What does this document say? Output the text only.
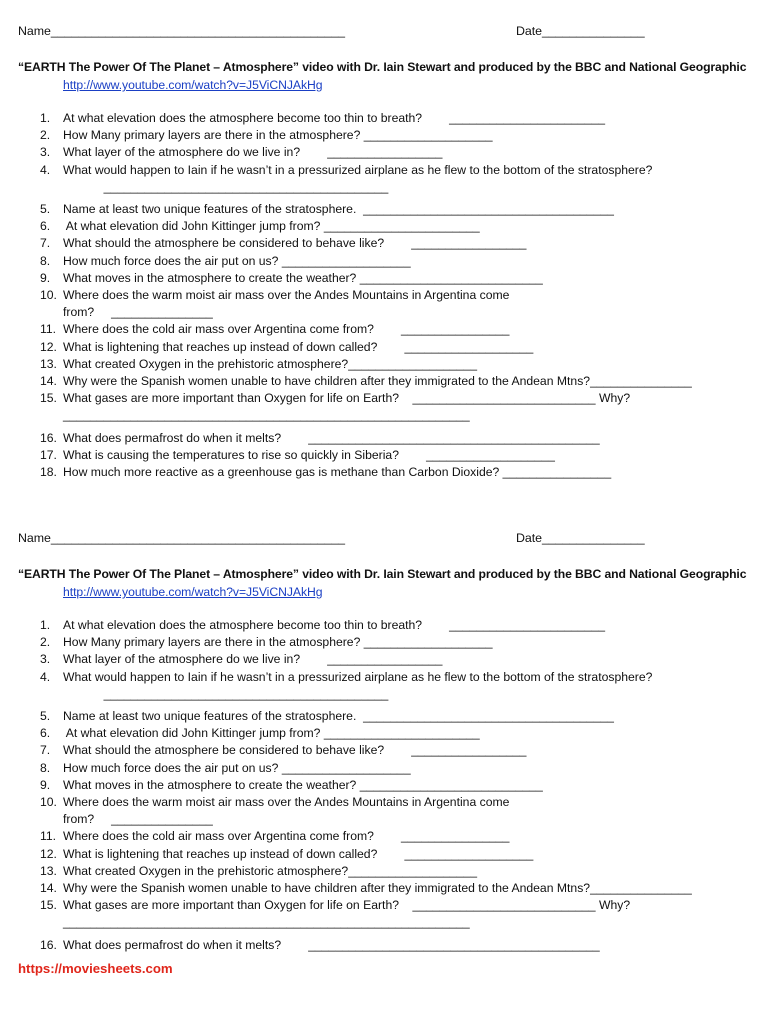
Name___________________________________________	Date_______________
“EARTH The Power Of The Planet – Atmosphere” video with Dr. Iain Stewart and produced by the BBC and National Geographic
http://www.youtube.com/watch?v=J5ViCNJAkHg
1.	At what elevation does the atmosphere become too thin to breath?        _______________________
2.	How Many primary layers are there in the atmosphere? ___________________
3.	What layer of the atmosphere do we live in?        _________________
4.	What would happen to Iain if he wasn’t in a pressurized airplane as he flew to the bottom of the stratosphere?
__________________________________________
5.	Name at least two unique features of the stratosphere.  _____________________________________
6.	At what elevation did John Kittinger jump from? _______________________
7.	What should the atmosphere be considered to behave like?        _________________
8.	How much force does the air put on us? ___________________
9.	What moves in the atmosphere to create the weather? ___________________________
10. Where does the warm moist air mass over the Andes Mountains in Argentina come
from?     _______________
11. Where does the cold air mass over Argentina come from?        ________________
12. What is lightening that reaches up instead of down called?        ___________________
13. What created Oxygen in the prehistoric atmosphere?___________________
14. Why were the Spanish women unable to have children after they immigrated to the Andean Mtns?_______________
15. What gases are more important than Oxygen for life on Earth?    ___________________________ Why?
____________________________________________________________
16. What does permafrost do when it melts?        ___________________________________________
17. What is causing the temperatures to rise so quickly in Siberia?        ___________________
18. How much more reactive as a greenhouse gas is methane than Carbon Dioxide? ________________
Name___________________________________________	Date_______________
“EARTH The Power Of The Planet – Atmosphere” video with Dr. Iain Stewart and produced by the BBC and National Geographic
http://www.youtube.com/watch?v=J5ViCNJAkHg
1.	At what elevation does the atmosphere become too thin to breath?        _______________________
2.	How Many primary layers are there in the atmosphere? ___________________
3.	What layer of the atmosphere do we live in?        _________________
4.	What would happen to Iain if he wasn’t in a pressurized airplane as he flew to the bottom of the stratosphere?
__________________________________________
5.	Name at least two unique features of the stratosphere.  _____________________________________
6.	At what elevation did John Kittinger jump from? _______________________
7.	What should the atmosphere be considered to behave like?        _________________
8.	How much force does the air put on us? ___________________
9.	What moves in the atmosphere to create the weather? ___________________________
10. Where does the warm moist air mass over the Andes Mountains in Argentina come
from?     _______________
11. Where does the cold air mass over Argentina come from?        ________________
12. What is lightening that reaches up instead of down called?        ___________________
13. What created Oxygen in the prehistoric atmosphere?___________________
14. Why were the Spanish women unable to have children after they immigrated to the Andean Mtns?_______________
15. What gases are more important than Oxygen for life on Earth?    ___________________________ Why?
____________________________________________________________
16. What does permafrost do when it melts?        ___________________________________________
https://moviesheets.com
